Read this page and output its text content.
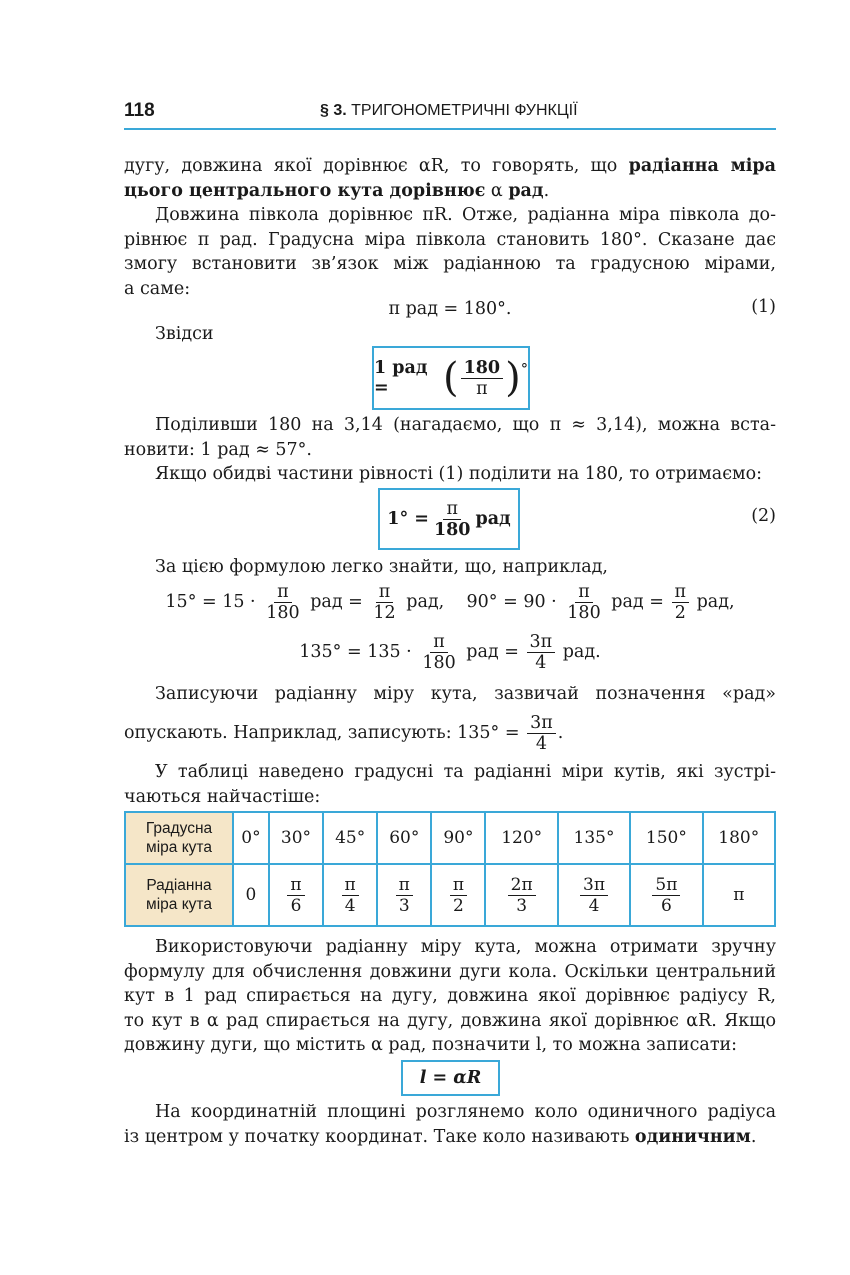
118	§ 3. ТРИГОНОМЕТРИЧНІ ФУНКЦІЇ
дугу, довжина якої дорівнює αR, то говорять, що радіанна міра
цього центрального кута дорівнює α рад.
Довжина півкола дорівнює πR. Отже, радіанна міра півкола до-
рівнює π рад. Градусна міра півкола становить 180°. Сказане дає
змогу встановити зв’язок між радіанною та градусною мірами,
а саме:
π рад = 180°.	(1)
Звідси
1 рад =	( $\frac{180}{\pi} )^\circ$
Поділивши 180 на 3,14 (нагадаємо, що π ≈ 3,14), можна вста-
новити: 1 рад ≈ 57°.
Якщо обидві частини рівності (1) поділити на 180, то отримаємо:
$1^\circ = \frac{\pi}{180}$ рад	(2)
За цією формулою легко знайти, що, наприклад,
$15^\circ = 15 \cdot \frac{\pi}{180}$ рад = $\frac{\pi}{12}$ рад, $90^\circ = 90 \cdot \frac{\pi}{180}$ рад = $\frac{\pi}{2}$ рад,
$135^\circ = 135 \cdot \frac{\pi}{180}$ рад = $\frac{3\pi}{4}$ рад.
Записуючи радіанну міру кута, зазвичай позначення «рад»
опускають. Наприклад, записують: $135^\circ = \frac{3\pi}{4}$ .
У таблиці наведено градусні та радіанні міри кутів, які зустрі-
чаються найчастіше:
Градусна
міра кута	0°	30°	45°	60°	90°	120°	135°	150°	180°
Радіанна
міра кута	0	$\frac{\pi}{6}$	$\frac{\pi}{4}$	$\frac{\pi}{3}$	$\frac{\pi}{2}$	$\frac{2\pi}{3}$	$\frac{3\pi}{4}$	$\frac{5\pi}{6}$	π
Використовуючи радіанну міру кута, можна отримати зручну
формулу для обчислення довжини дуги кола. Оскільки центральний
кут в 1 рад спирається на дугу, довжина якої дорівнює радіусу R,
то кут в α рад спирається на дугу, довжина якої дорівнює αR. Якщо
довжину дуги, що містить α рад, позначити l, то можна записати:
l = αR
На координатній площині розглянемо коло одиничного радіуса
із центром у початку координат. Таке коло називають одиничним.
